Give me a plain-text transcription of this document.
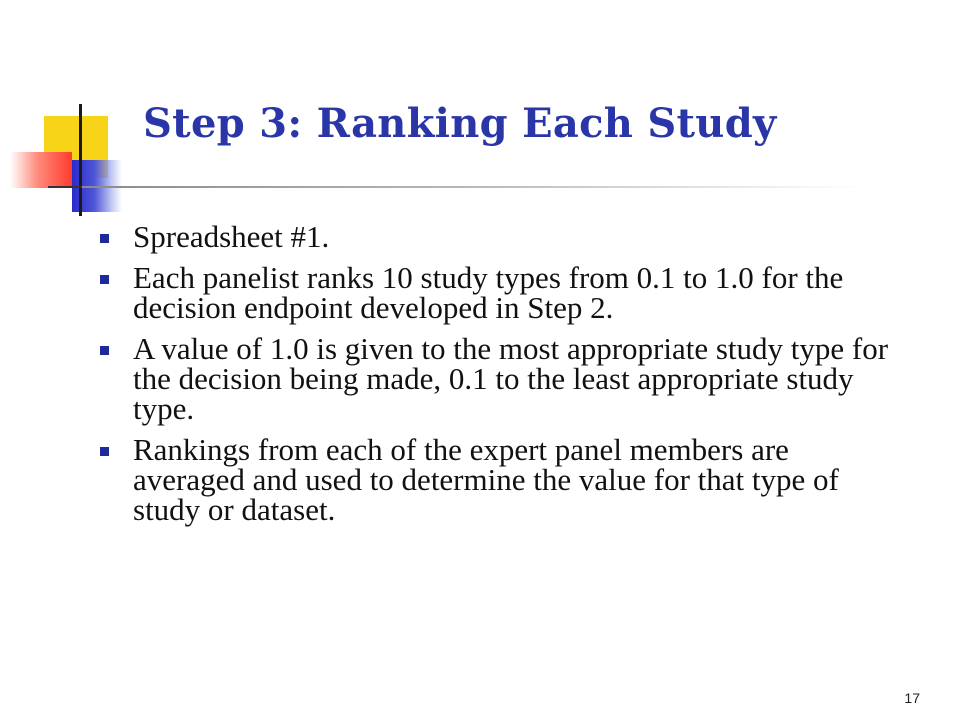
Step 3: Ranking Each Study
Spreadsheet #1.
Each panelist ranks 10 study types from 0.1 to 1.0 for the decision endpoint developed in Step 2.
A value of 1.0 is given to the most appropriate study type for the decision being made, 0.1 to the least appropriate study type.
Rankings from each of the expert panel members are averaged and used to determine the value for that type of study or dataset.
17
